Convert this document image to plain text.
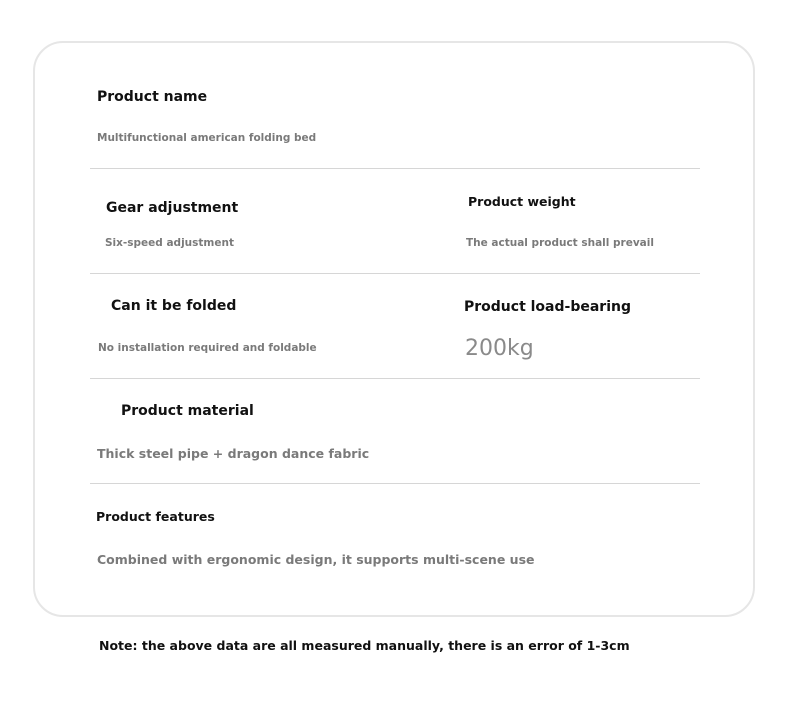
Product name
Multifunctional american folding bed
Gear adjustment
Six-speed adjustment
Product weight
The actual product shall prevail
Can it be folded
No installation required and foldable
Product load-bearing
200kg
Product material
Thick steel pipe + dragon dance fabric
Product features
Combined with ergonomic design, it supports multi-scene use
Note: the above data are all measured manually, there is an error of 1-3cm
